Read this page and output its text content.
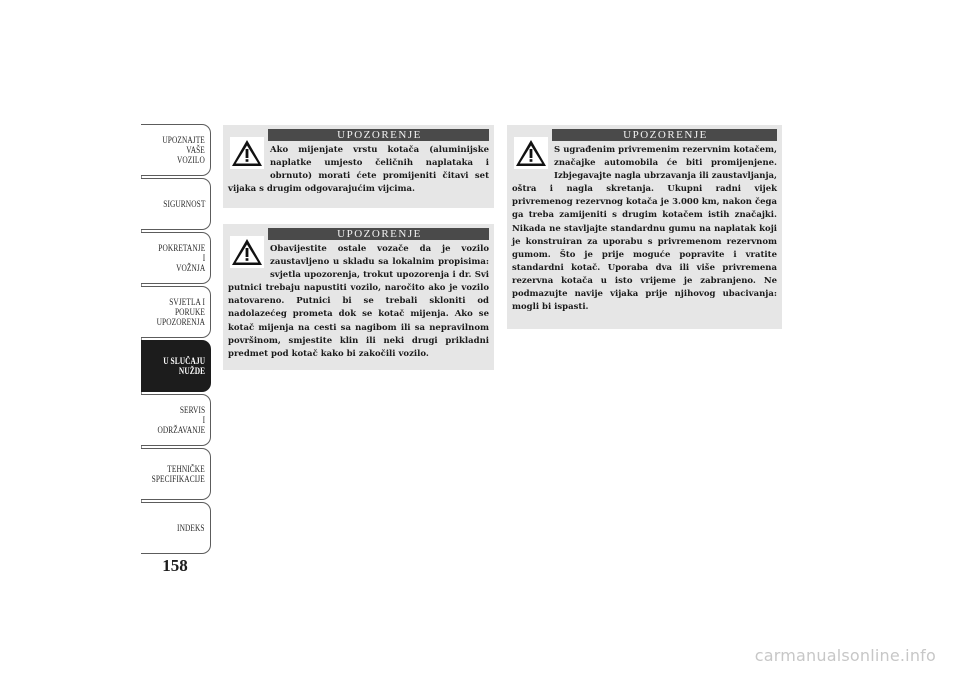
UPOZNAJTE
VAŠE
VOZILO
SIGURNOST
POKRETANJE
I
VOŽNJA
SVJETLA I
PORUKE
UPOZORENJA
U SLUČAJU
NUŽDE
SERVIS
I
ODRŽAVANJE
TEHNIČKE
SPECIFIKACIJE
INDEKS
158
UPOZORENJE

Ako mijenjate vrstu kotača (aluminijske naplatke umjesto čeličnih naplataka i obrnuto) morati ćete promijeniti čitavi set vijaka s drugim odgovarajućim vijcima.

UPOZORENJE

Obavijestite ostale vozače da je vozilo zaustavljeno u skladu sa lokalnim propisima: svjetla upozorenja, trokut upozorenja i dr. Svi putnici trebaju napustiti vozilo, naročito ako je vozilo natovareno. Putnici bi se trebali skloniti od nadolazećeg prometa dok se kotač mijenja. Ako se kotač mijenja na cesti sa nagibom ili sa nepravilnom površinom, smjestite klin ili neki drugi prikladni predmet pod kotač kako bi zakočili vozilo.

UPOZORENJE

S ugrađenim privremenim rezervnim kotačem, značajke automobila će biti promijenjene. Izbjegavajte nagla ubrzavanja ili zaustavljanja, oštra i nagla skretanja. Ukupni radni vijek privremenog rezervnog kotača je 3.000 km, nakon čega ga treba zamijeniti s drugim kotačem istih značajki. Nikada ne stavljajte standardnu gumu na naplatak koji je konstruiran za uporabu s privremenom rezervnom gumom. Što je prije moguće popravite i vratite standardni kotač. Uporaba dva ili više privremena rezervna kotača u isto vrijeme je zabranjeno. Ne podmazujte navije vijaka prije njihovog ubacivanja: mogli bi ispasti.

carmanualsonline.info
